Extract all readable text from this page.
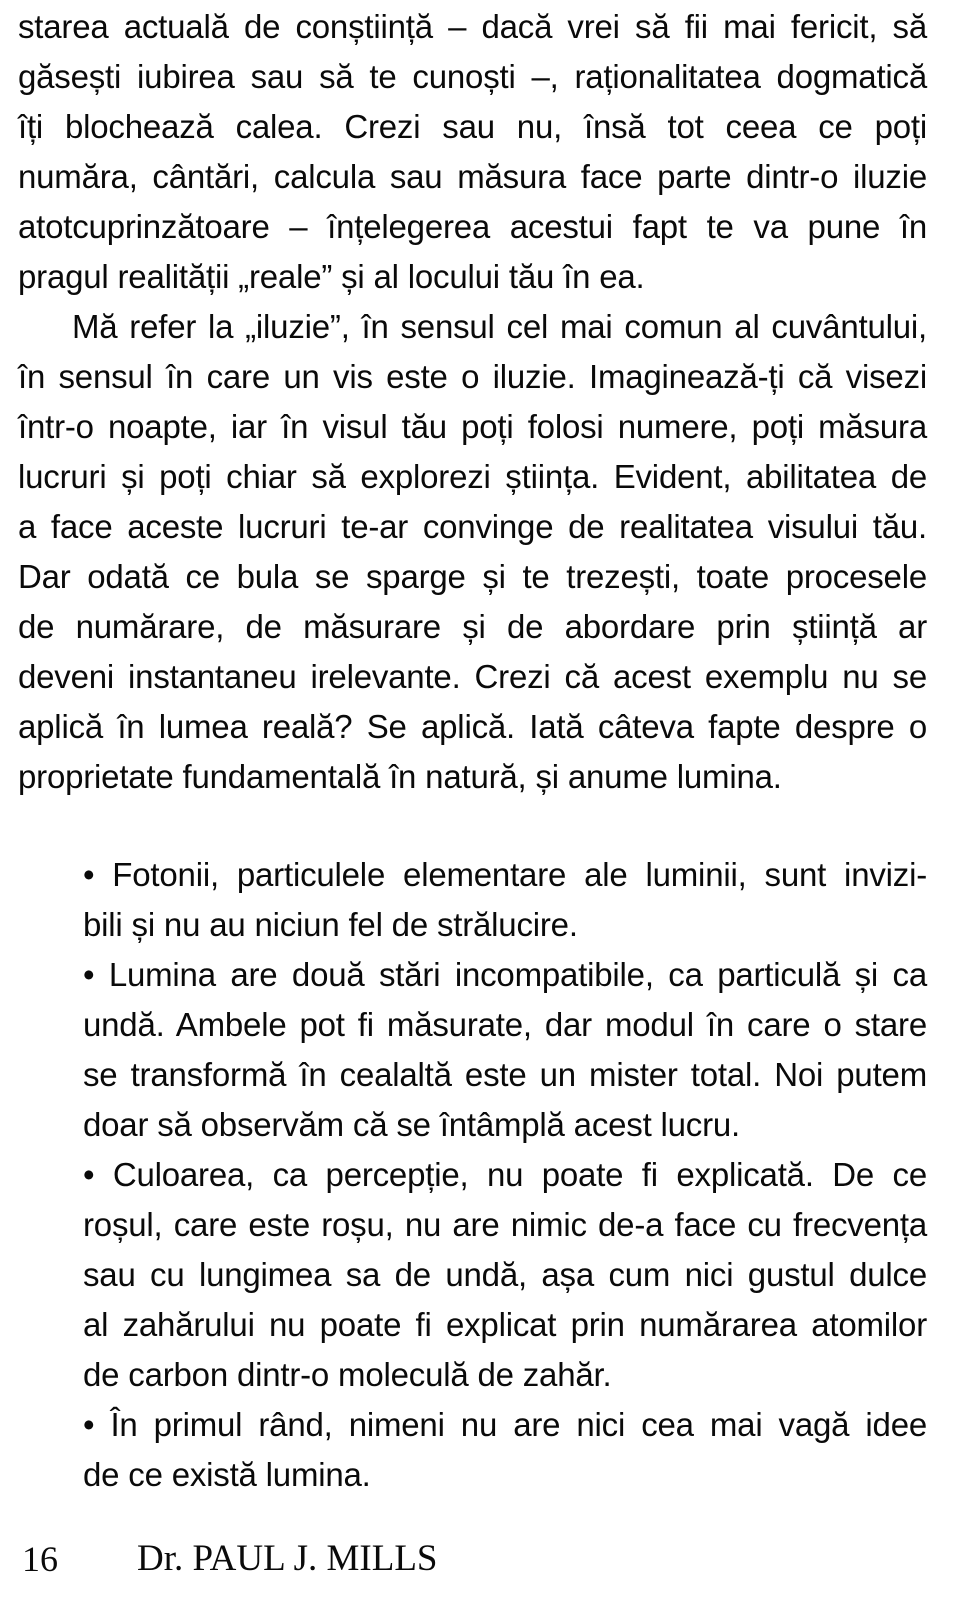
starea actuală de conștiință – dacă vrei să fii mai fericit, să
găsești iubirea sau să te cunoști –, raționalitatea dogmatică
îți blochează calea. Crezi sau nu, însă tot ceea ce poți
număra, cântări, calcula sau măsura face parte dintr-o iluzie
atotcuprinzătoare – înțelegerea acestui fapt te va pune în
pragul realității „reale” și al locului tău în ea.
Mă refer la „iluzie”, în sensul cel mai comun al cuvântului,
în sensul în care un vis este o iluzie. Imaginează-ți că visezi
într-o noapte, iar în visul tău poți folosi numere, poți măsura
lucruri și poți chiar să explorezi știința. Evident, abilitatea de
a face aceste lucruri te-ar convinge de realitatea visului tău.
Dar odată ce bula se sparge și te trezești, toate procesele
de numărare, de măsurare și de abordare prin știință ar
deveni instantaneu irelevante. Crezi că acest exemplu nu se
aplică în lumea reală? Se aplică. Iată câteva fapte despre o
proprietate fundamentală în natură, și anume lumina.
• Fotonii, particulele elementare ale luminii, sunt invizi-
bili și nu au niciun fel de strălucire.
• Lumina are două stări incompatibile, ca particulă și ca
undă. Ambele pot fi măsurate, dar modul în care o stare
se transformă în cealaltă este un mister total. Noi putem
doar să observăm că se întâmplă acest lucru.
• Culoarea, ca percepție, nu poate fi explicată. De ce
roșul, care este roșu, nu are nimic de-a face cu frecvența
sau cu lungimea sa de undă, așa cum nici gustul dulce
al zahărului nu poate fi explicat prin numărarea atomilor
de carbon dintr-o moleculă de zahăr.
• În primul rând, nimeni nu are nici cea mai vagă idee
de ce există lumina.
16 Dr. PAUL J. MILLS
